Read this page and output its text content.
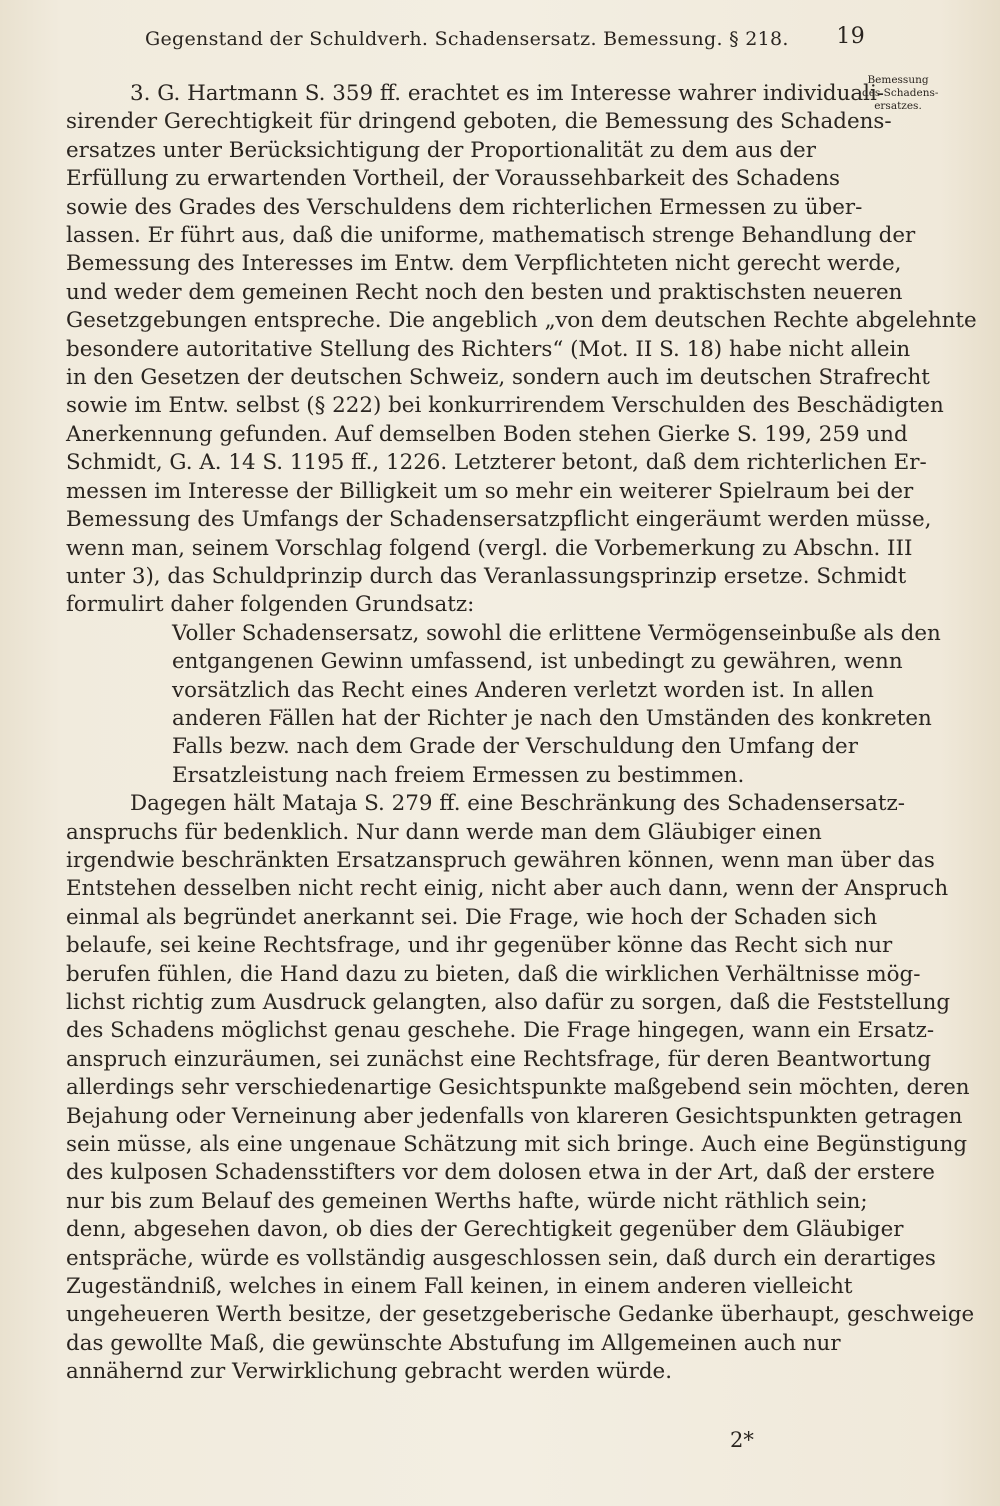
Gegenstand der Schuldverh. Schadensersatz. Bemessung. § 218. 19
Bemessung
des Schadens-
ersatzes.
3. G. Hartmann S. 359 ff. erachtet es im Interesse wahrer individuali-
sirender Gerechtigkeit für dringend geboten, die Bemessung des Schadens-
ersatzes unter Berücksichtigung der Proportionalität zu dem aus der
Erfüllung zu erwartenden Vortheil, der Voraussehbarkeit des Schadens
sowie des Grades des Verschuldens dem richterlichen Ermessen zu über-
lassen. Er führt aus, daß die uniforme, mathematisch strenge Behandlung der
Bemessung des Interesses im Entw. dem Verpflichteten nicht gerecht werde,
und weder dem gemeinen Recht noch den besten und praktischsten neueren
Gesetzgebungen entspreche. Die angeblich „von dem deutschen Rechte abgelehnte
besondere autoritative Stellung des Richters“ (Mot. II S. 18) habe nicht allein
in den Gesetzen der deutschen Schweiz, sondern auch im deutschen Strafrecht
sowie im Entw. selbst (§ 222) bei konkurrirendem Verschulden des Beschädigten
Anerkennung gefunden. Auf demselben Boden stehen Gierke S. 199, 259 und
Schmidt, G. A. 14 S. 1195 ff., 1226. Letzterer betont, daß dem richterlichen Er-
messen im Interesse der Billigkeit um so mehr ein weiterer Spielraum bei der
Bemessung des Umfangs der Schadensersatzpflicht eingeräumt werden müsse,
wenn man, seinem Vorschlag folgend (vergl. die Vorbemerkung zu Abschn. III
unter 3), das Schuldprinzip durch das Veranlassungsprinzip ersetze. Schmidt
formulirt daher folgenden Grundsatz:
Voller Schadensersatz, sowohl die erlittene Vermögenseinbuße als den
entgangenen Gewinn umfassend, ist unbedingt zu gewähren, wenn
vorsätzlich das Recht eines Anderen verletzt worden ist. In allen
anderen Fällen hat der Richter je nach den Umständen des konkreten
Falls bezw. nach dem Grade der Verschuldung den Umfang der
Ersatzleistung nach freiem Ermessen zu bestimmen.
Dagegen hält Mataja S. 279 ff. eine Beschränkung des Schadensersatz-
anspruchs für bedenklich. Nur dann werde man dem Gläubiger einen
irgendwie beschränkten Ersatzanspruch gewähren können, wenn man über das
Entstehen desselben nicht recht einig, nicht aber auch dann, wenn der Anspruch
einmal als begründet anerkannt sei. Die Frage, wie hoch der Schaden sich
belaufe, sei keine Rechtsfrage, und ihr gegenüber könne das Recht sich nur
berufen fühlen, die Hand dazu zu bieten, daß die wirklichen Verhältnisse mög-
lichst richtig zum Ausdruck gelangten, also dafür zu sorgen, daß die Feststellung
des Schadens möglichst genau geschehe. Die Frage hingegen, wann ein Ersatz-
anspruch einzuräumen, sei zunächst eine Rechtsfrage, für deren Beantwortung
allerdings sehr verschiedenartige Gesichtspunkte maßgebend sein möchten, deren
Bejahung oder Verneinung aber jedenfalls von klareren Gesichtspunkten getragen
sein müsse, als eine ungenaue Schätzung mit sich bringe. Auch eine Begünstigung
des kulposen Schadensstifters vor dem dolosen etwa in der Art, daß der erstere
nur bis zum Belauf des gemeinen Werths hafte, würde nicht räthlich sein;
denn, abgesehen davon, ob dies der Gerechtigkeit gegenüber dem Gläubiger
entspräche, würde es vollständig ausgeschlossen sein, daß durch ein derartiges
Zugeständniß, welches in einem Fall keinen, in einem anderen vielleicht
ungeheueren Werth besitze, der gesetzgeberische Gedanke überhaupt, geschweige
das gewollte Maß, die gewünschte Abstufung im Allgemeinen auch nur
annähernd zur Verwirklichung gebracht werden würde.
2*
